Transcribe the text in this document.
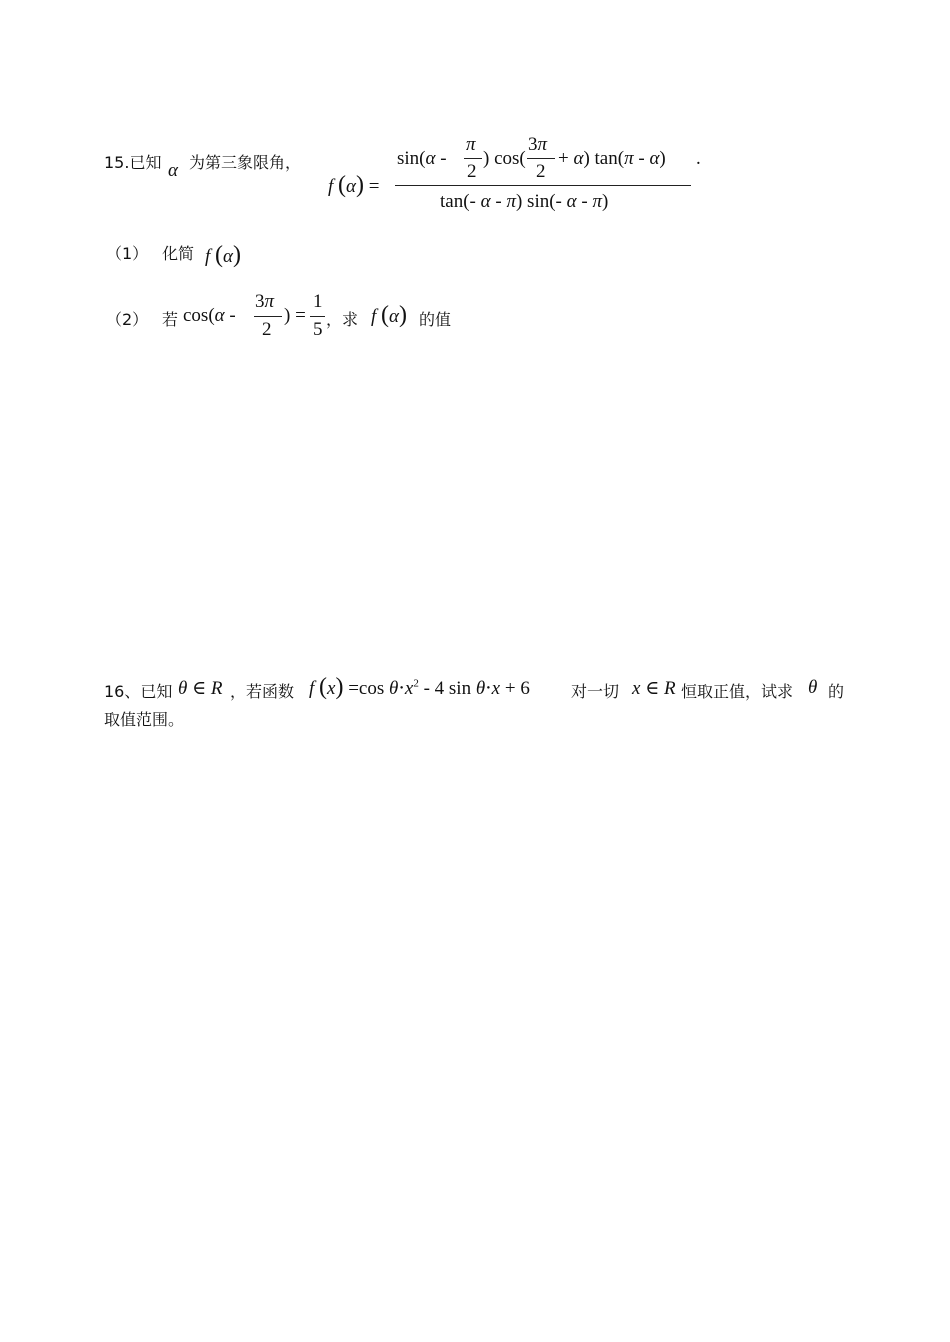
15.已知 α 为第三象限角，
f (α) =
sin(α -
π
2
) cos(
3π
2
+ α) tan(π - α)
tan(- α - π) sin(- α - π)
.
（1） 化简 f (α)
（2） 若 cos(α -
3π
2
) =
1
5 ，求 f (α) 的值
16、已知 θ ∈ R ，若函数 f (x) =cos $\theta\cdot x^2 - 4$ sin θ⋅x + 6	对一切 x ∈ R 恒取正值，试求 θ 的
取值范围。
